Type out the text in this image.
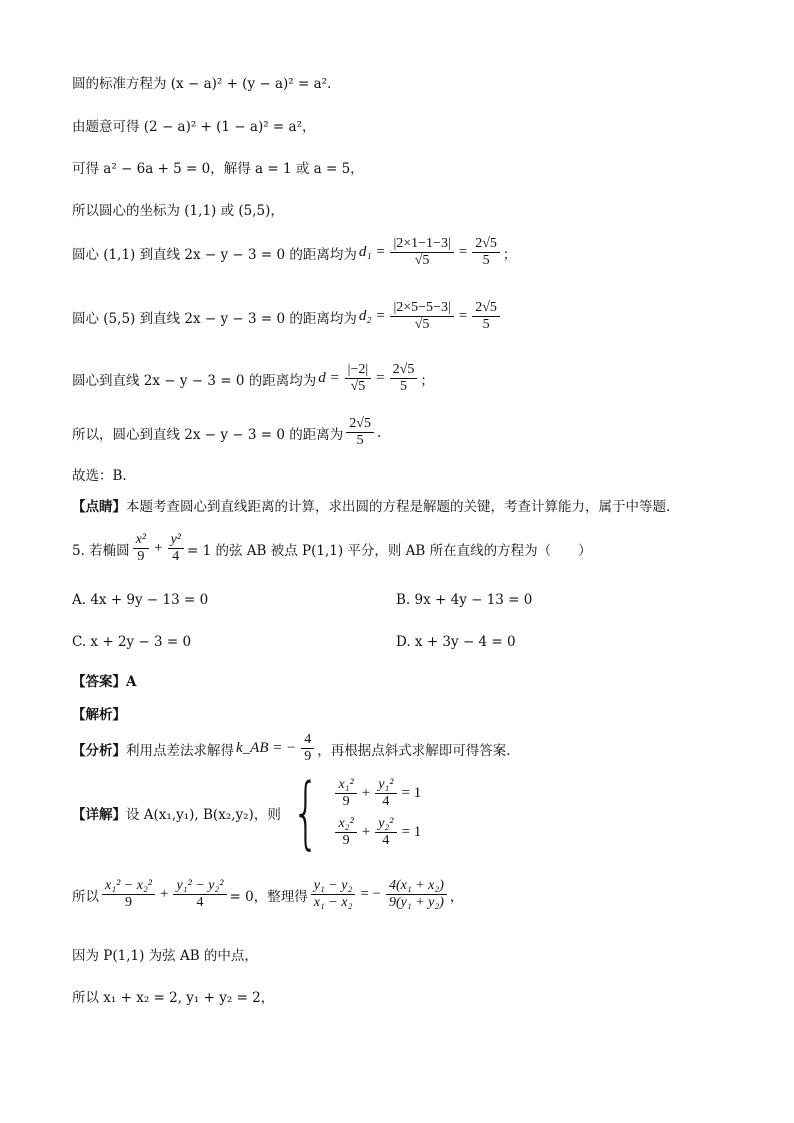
圆的标准方程为 (x − a)² + (y − a)² = a².
由题意可得 (2 − a)² + (1 − a)² = a²，
可得 a² − 6a + 5 = 0，解得 a = 1 或 a = 5，
所以圆心的坐标为 (1,1) 或 (5,5)，
圆心 (1,1) 到直线 2x − y − 3 = 0 的距离均为 $d_1 = \frac{|2\times 1-1-3|}{√5} = \frac{2√5}{5}$ ；
圆心 (5,5) 到直线 2x − y − 3 = 0 的距离均为 $d_2 = \frac{|2\times 5-5-3|}{√5} = \frac{2√5}{5}$
圆心到直线 2x − y − 3 = 0 的距离均为 $d = \frac{|-2|}{√5} = \frac{2√5}{5}$ ；
所以，圆心到直线 2x − y − 3 = 0 的距离为 $\frac{2√5}{5}$ .
故选：B.
【点睛】 本题考查圆心到直线距离的计算，求出圆的方程是解题的关键，考查计算能力，属于中等题.
5. 若椭圆 $\frac{\text{x²}}{9} + \frac{\text{y²}}{4} = 1$ 的弦 AB 被点 P(1,1) 平分，则 AB 所在直线的方程为（　　）
A. 4x + 9y − 13 = 0	B. 9x + 4y − 13 = 0
C. x + 2y − 3 = 0	D. x + 3y − 4 = 0
【答案】A
【解析】
【分析】 利用点差法求解得 k_AB = − $\frac{4}{9}$ ，再根据点斜式求解即可得答案.
【详解】 设 A(x₁,y₁), B(x₂,y₂)，则 { $\frac{\text{x₁²}}{9} + \frac{\text{y₁²}}{4} = 1$
$\frac{\text{x₂²}}{9} + \frac{\text{y₂²}}{4} = 1$
所以 $\frac{\text{x₁² − x₂²}}{9} + \frac{\text{y₁² − y₂²}}{4} = 0$，整理得 $\frac{\text{y₁ − y₂}}{\text{x₁ − x₂}}$ = − $\frac{\text{4(x₁ + x₂)}}{\text{9(y₁ + y₂)}}$ ，
因为 P(1,1) 为弦 AB 的中点，
所以 x₁ + x₂ = 2, y₁ + y₂ = 2，
